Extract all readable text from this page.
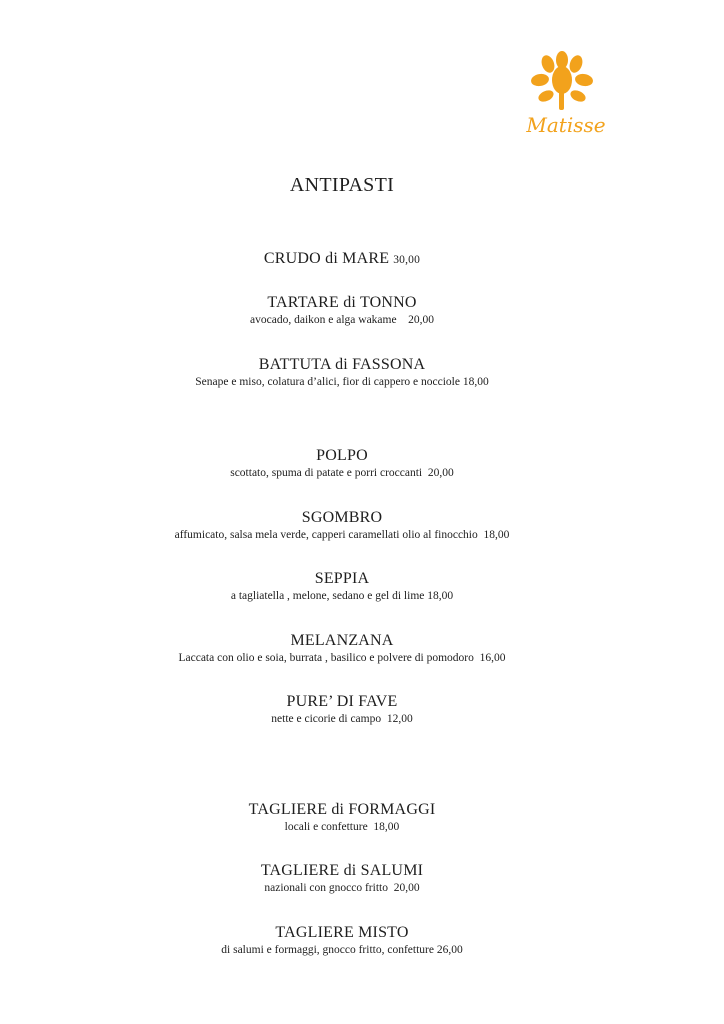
Matisse
ANTIPASTI
CRUDO di MARE 30,00
TARTARE di TONNO
avocado, daikon e alga wakame    20,00
BATTUTA di FASSONA
Senape e miso, colatura d’alici, fior di cappero e nocciole 18,00
POLPO
scottato, spuma di patate e porri croccanti  20,00
SGOMBRO
affumicato, salsa mela verde, capperi caramellati olio al finocchio  18,00
SEPPIA
a tagliatella , melone, sedano e gel di lime 18,00
MELANZANA
Laccata con olio e soia, burrata , basilico e polvere di pomodoro  16,00
PURE’ DI FAVE
nette e cicorie di campo  12,00
TAGLIERE di FORMAGGI
locali e confetture  18,00
TAGLIERE di SALUMI
nazionali con gnocco fritto  20,00
TAGLIERE MISTO
di salumi e formaggi, gnocco fritto, confetture 26,00
